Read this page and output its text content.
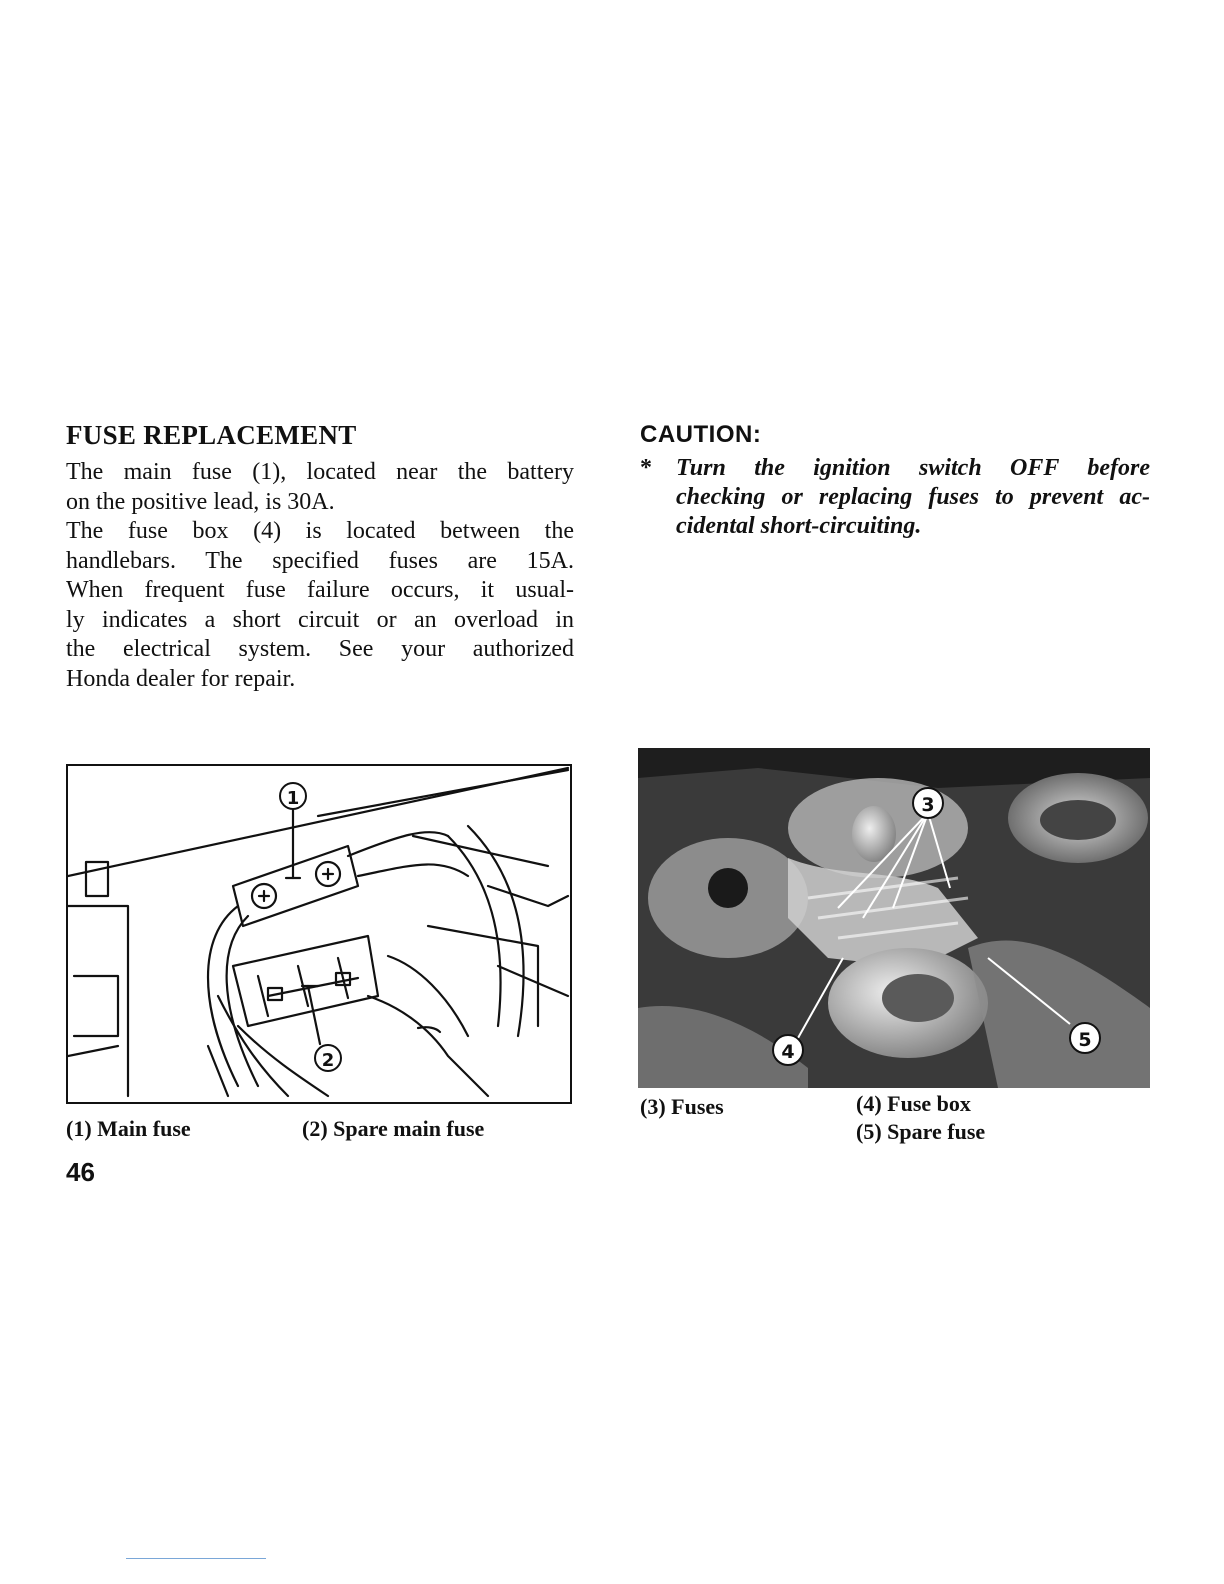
FUSE REPLACEMENT
The main fuse (1), located near the battery
on the positive lead, is 30A.
The fuse box (4) is located between the
handlebars. The specified fuses are 15A.
When frequent fuse failure occurs, it usual-
ly indicates a short circuit or an overload in
the electrical system. See your authorized
Honda dealer for repair.
CAUTION:
*	Turn the ignition switch OFF before
checking or replacing fuses to prevent ac-
cidental short-circuiting.
1
2
(1) Main fuse	(2) Spare main fuse
3
4
5
(3) Fuses	(4) Fuse box
(5) Spare fuse
46
